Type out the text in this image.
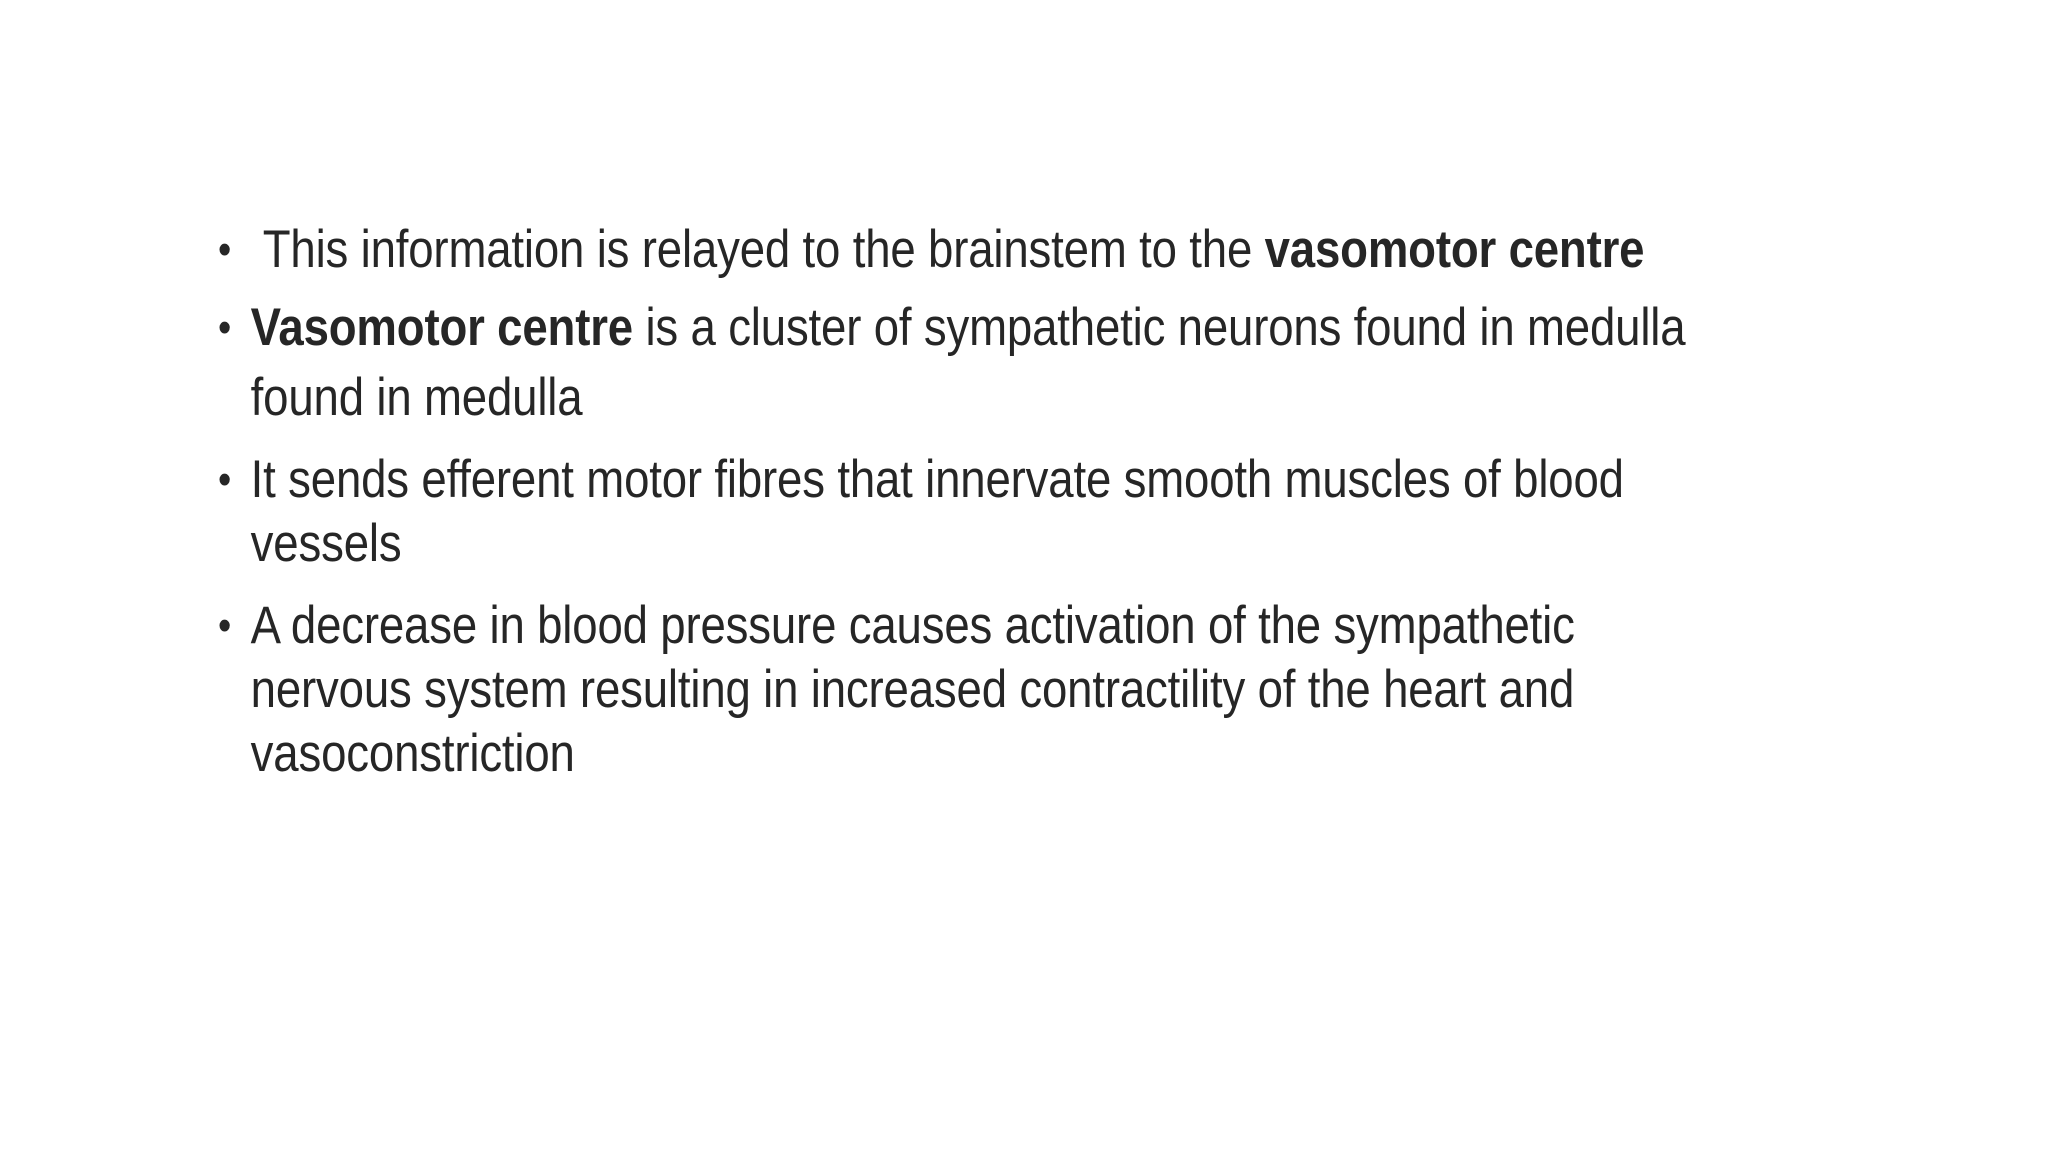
• This information is relayed to the brainstem to the vasomotor centre
• Vasomotor centre is a cluster of sympathetic neurons found in medulla
found in medulla
• It sends efferent motor fibres that innervate smooth muscles of blood vessels
• A decrease in blood pressure causes activation of the sympathetic nervous system resulting in increased contractility of the heart and vasoconstriction
